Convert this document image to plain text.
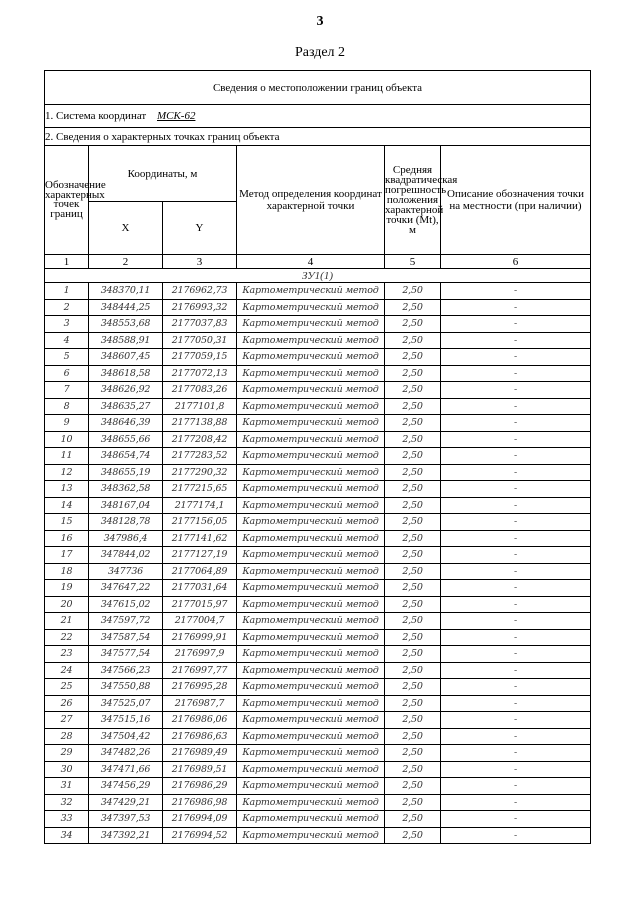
3
Раздел 2
Сведения о местоположении границ объекта					
1. Система координат МСК-62					
2. Сведения о характерных точках границ объекта					
Обозначение характерных точек границ	Координаты, м		Метод определения координат характерной точки	Средняя квадратическая погрешность положения характерной точки (Mt), м	Описание обозначения точки на местности (при наличии)
	X	Y			
1	2	3	4	5	6
ЗУ1(1)					
1	348370,11	2176962,73	Картометрический метод	2,50	-
2	348444,25	2176993,32	Картометрический метод	2,50	-
3	348553,68	2177037,83	Картометрический метод	2,50	-
4	348588,91	2177050,31	Картометрический метод	2,50	-
5	348607,45	2177059,15	Картометрический метод	2,50	-
6	348618,58	2177072,13	Картометрический метод	2,50	-
7	348626,92	2177083,26	Картометрический метод	2,50	-
8	348635,27	2177101,8	Картометрический метод	2,50	-
9	348646,39	2177138,88	Картометрический метод	2,50	-
10	348655,66	2177208,42	Картометрический метод	2,50	-
11	348654,74	2177283,52	Картометрический метод	2,50	-
12	348655,19	2177290,32	Картометрический метод	2,50	-
13	348362,58	2177215,65	Картометрический метод	2,50	-
14	348167,04	2177174,1	Картометрический метод	2,50	-
15	348128,78	2177156,05	Картометрический метод	2,50	-
16	347986,4	2177141,62	Картометрический метод	2,50	-
17	347844,02	2177127,19	Картометрический метод	2,50	-
18	347736	2177064,89	Картометрический метод	2,50	-
19	347647,22	2177031,64	Картометрический метод	2,50	-
20	347615,02	2177015,97	Картометрический метод	2,50	-
21	347597,72	2177004,7	Картометрический метод	2,50	-
22	347587,54	2176999,91	Картометрический метод	2,50	-
23	347577,54	2176997,9	Картометрический метод	2,50	-
24	347566,23	2176997,77	Картометрический метод	2,50	-
25	347550,88	2176995,28	Картометрический метод	2,50	-
26	347525,07	2176987,7	Картометрический метод	2,50	-
27	347515,16	2176986,06	Картометрический метод	2,50	-
28	347504,42	2176986,63	Картометрический метод	2,50	-
29	347482,26	2176989,49	Картометрический метод	2,50	-
30	347471,66	2176989,51	Картометрический метод	2,50	-
31	347456,29	2176986,29	Картометрический метод	2,50	-
32	347429,21	2176986,98	Картометрический метод	2,50	-
33	347397,53	2176994,09	Картометрический метод	2,50	-
34	347392,21	2176994,52	Картометрический метод	2,50	-
